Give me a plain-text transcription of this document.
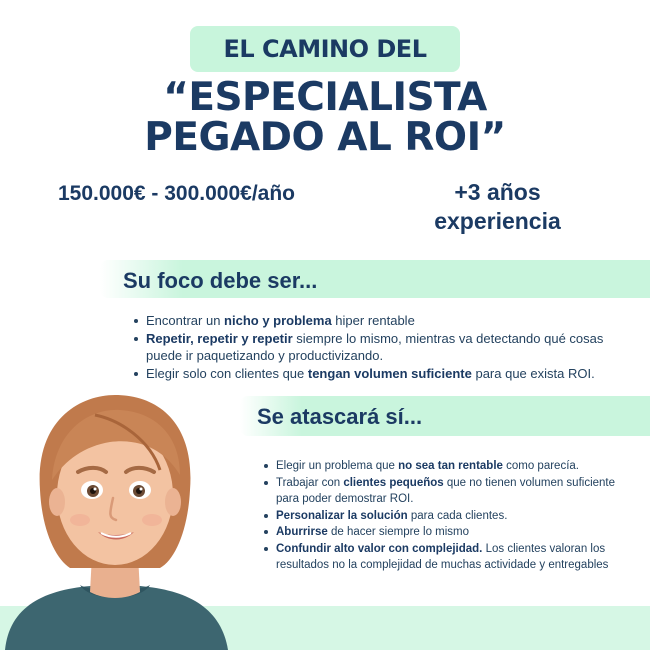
EL CAMINO DEL
“ESPECIALISTA
PEGADO AL ROI”
150.000€ - 300.000€/año	+3 años
experiencia
Su foco debe ser...
Encontrar un nicho y problema hiper rentable
Repetir, repetir y repetir siempre lo mismo, mientras va detectando qué cosas puede ir paquetizando y productivizando.
Elegir solo con clientes que tengan volumen suficiente para que exista ROI.
Se atascará sí...
Elegir un problema que no sea tan rentable como parecía.
Trabajar con clientes pequeños que no tienen volumen suficiente para poder demostrar ROI.
Personalizar la solución para cada clientes.
Aburrirse de hacer siempre lo mismo
Confundir alto valor con complejidad. Los clientes valoran los resultados no la complejidad de muchas actividade y entregables
